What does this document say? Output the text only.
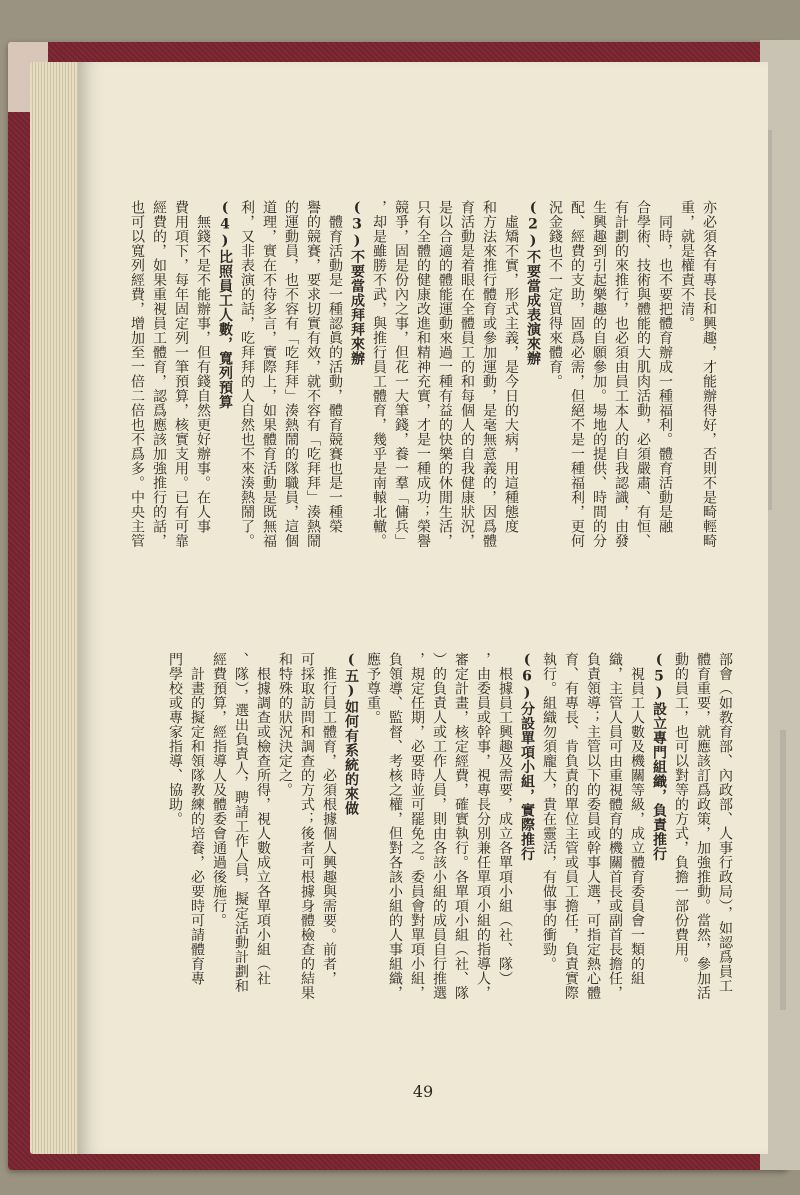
亦必須各有專長和興趣，才能辦得好，否則不是畸輕畸

重，就是權責不清。

　同時，也不要把體育辦成一種福利。體育活動是融

合學術、技術與體能的大肌肉活動，必須嚴肅、有恒、

有計劃的來推行，也必須由員工本人的自我認識，由發

生興趣到引起樂趣的自願參加。場地的提供、時間的分

配、經費的支助，固爲必需，但絕不是一種福利，更何

況金錢也不一定買得來體育。

(2)不要當成表演來辦

　虛矯不實，形式主義，是今日的大病，用這種態度

和方法來推行體育或參加運動，是毫無意義的，因爲體

育活動是着眼在全體員工的和每個人的自我健康狀況，

是以合適的體能運動來過一種有益的快樂的休閒生活，

只有全體的健康改進和精神充實，才是一種成功；榮譽

競爭，固是份內之事，但花一大筆錢，養一羣「傭兵」

，却是雖勝不武，與推行員工體育，幾乎是南轅北轍。

(3)不要當成拜拜來辦

　體育活動是一種認眞的活動，體育競賽也是一種榮

譽的競賽，要求切實有效，就不容有「吃拜拜」湊熱鬧

的運動員，也不容有「吃拜拜」湊熱鬧的隊職員，這個

道理，實在不待多言，實際上，如果體育活動是既無福

利，又非表演的話，吃拜拜的人自然也不來湊熱鬧了。

(4)比照員工人數，寬列預算

　無錢不是不能辦事，但有錢自然更好辦事。在人事

費用項下，每年固定列一筆預算，核實支用。已有可靠

經費的，如果重視員工體育，認爲應該加強推行的話，

也可以寬列經費，增加至一倍二倍也不爲多。中央主管

部會（如教育部、內政部、人事行政局），如認爲員工

體育重要，就應該訂爲政策，加強推動。當然，參加活

動的員工，也可以對等的方式，負擔一部份費用。

(5)設立專門組織，負責推行

　視員工人數及機關等級，成立體育委員會一類的組

織，主管人員可由重視體育的機關首長或副首長擔任，

負責領導；主管以下的委員或幹事人選，可指定熱心體

育、有專長、肯負責的單位主管或員工擔任，負責實際

執行。組織勿須龐大，貴在靈活，有做事的衝勁。

(6)分設單項小組，實際推行

　根據員工興趣及需要，成立各單項小組（社、隊）

，由委員或幹事，視專長分別兼任單項小組的指導人，

審定計畫，核定經費，確實執行。各單項小組（社、隊

）的負責人或工作人員，則由各該小組的成員自行推選

，規定任期，必要時並可罷免之。委員會對單項小組，

負領導、監督、考核之權，但對各該小組的人事組織，

應予尊重。

(五)如何有系統的來做

　推行員工體育，必須根據個人興趣與需要。前者，

可採取訪問和調查的方式；後者可根據身體檢查的結果

和特殊的狀況決定之。

　根據調查或檢查所得，視人數成立各單項小組（社

、隊），選出負責人，聘請工作人員，擬定活動計劃和

經費預算，經指導人及體委會通過後施行。

　計畫的擬定和領隊教練的培養，必要時可請體育專

門學校或專家指導、協助。

49
